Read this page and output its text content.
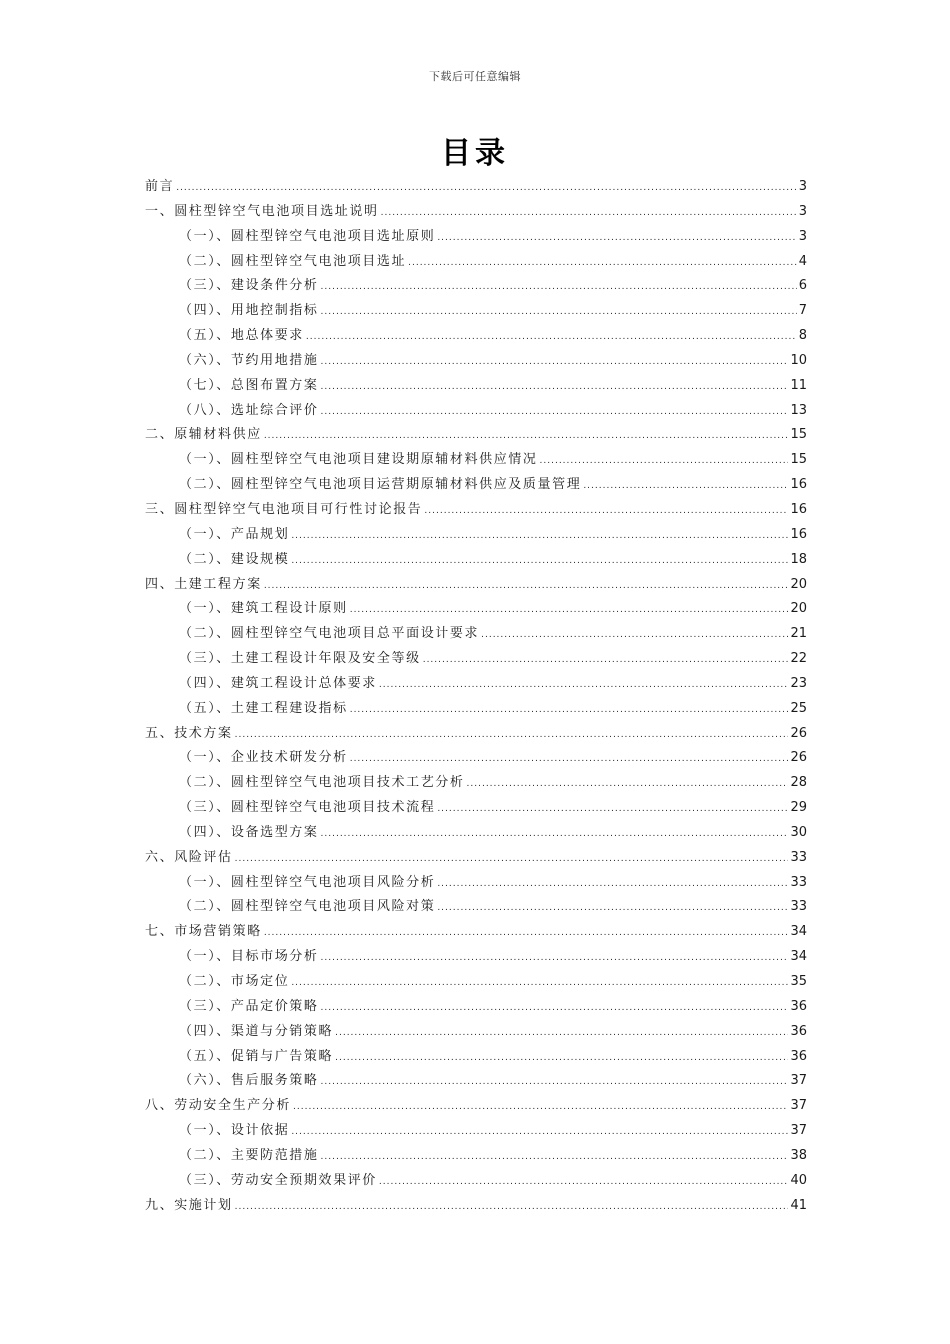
下载后可任意编辑
目录
前言 .....	3
一、圆柱型锌空气电池项目选址说明 .....	3
（一）、圆柱型锌空气电池项目选址原则 .....	3
（二）、圆柱型锌空气电池项目选址 .....	4
（三）、建设条件分析 .....	6
（四）、用地控制指标 .....	7
（五）、地总体要求 .....	8
（六）、节约用地措施 .....	10
（七）、总图布置方案 .....	11
（八）、选址综合评价 .....	13
二、原辅材料供应 .....	15
（一）、圆柱型锌空气电池项目建设期原辅材料供应情况 .....	15
（二）、圆柱型锌空气电池项目运营期原辅材料供应及质量管理 .....	16
三、圆柱型锌空气电池项目可行性讨论报告 .....	16
（一）、产品规划 .....	16
（二）、建设规模 .....	18
四、土建工程方案 .....	20
（一）、建筑工程设计原则 .....	20
（二）、圆柱型锌空气电池项目总平面设计要求 .....	21
（三）、土建工程设计年限及安全等级 .....	22
（四）、建筑工程设计总体要求 .....	23
（五）、土建工程建设指标 .....	25
五、技术方案 .....	26
（一）、企业技术研发分析 .....	26
（二）、圆柱型锌空气电池项目技术工艺分析 .....	28
（三）、圆柱型锌空气电池项目技术流程 .....	29
（四）、设备选型方案 .....	30
六、风险评估 .....	33
（一）、圆柱型锌空气电池项目风险分析 .....	33
（二）、圆柱型锌空气电池项目风险对策 .....	33
七、市场营销策略 .....	34
（一）、目标市场分析 .....	34
（二）、市场定位 .....	35
（三）、产品定价策略 .....	36
（四）、渠道与分销策略 .....	36
（五）、促销与广告策略 .....	36
（六）、售后服务策略 .....	37
八、劳动安全生产分析 .....	37
（一）、设计依据 .....	37
（二）、主要防范措施 .....	38
（三）、劳动安全预期效果评价 .....	40
九、实施计划 .....	41
